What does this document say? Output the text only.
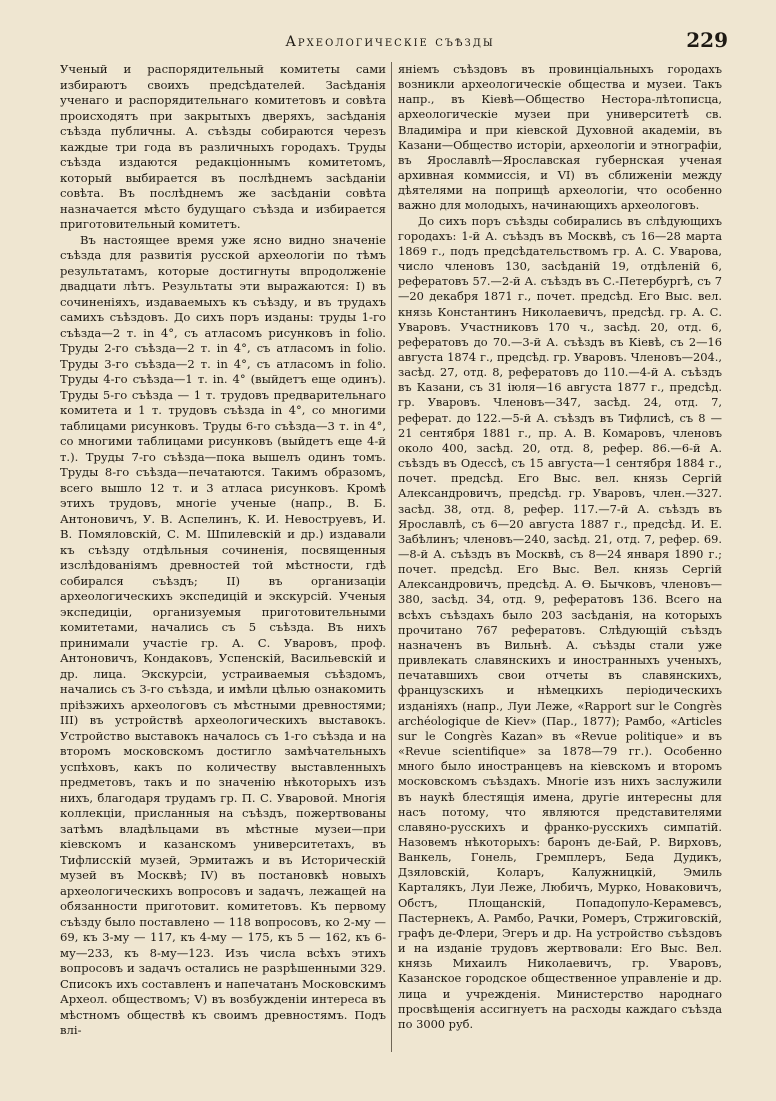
Археологическіе съѣзды	229

Ученый и распорядительный комитеты сами избираютъ своихъ предсѣдателей. Засѣданія ученаго и распорядительнаго комитетовъ и совѣта происходятъ при закрытыхъ дверяхъ, засѣданія съѣзда публичны. А. съѣзды собираются черезъ каждые три года въ различныхъ городахъ. Труды съѣзда издаются редакціоннымъ комитетомъ, который выбирается въ послѣднемъ засѣданіи совѣта. Въ послѣднемъ же засѣданіи совѣта назначается мѣсто будущаго съѣзда и избирается приготовительный комитетъ.

Въ настоящее время уже ясно видно значеніе съѣзда для развитія русской археологіи по тѣмъ результатамъ, которые достигнуты впродолженіе двадцати лѣтъ. Результаты эти выражаются: I) въ сочиненіяхъ, издаваемыхъ къ съѣзду, и въ трудахъ самихъ съѣздовъ. До сихъ поръ изданы: труды 1-го съѣзда—2 т. in 4°, съ атласомъ рисунковъ in folio. Труды 2-го съѣзда—2 т. in 4°, съ атласомъ in folio. Труды 3-го съѣзда—2 т. in 4°, съ атласомъ in folio. Труды 4-го съѣзда—1 т. in. 4° (выйдетъ еще одинъ). Труды 5-го съѣзда — 1 т. трудовъ предварительнаго комитета и 1 т. трудовъ съѣзда in 4°, со многими таблицами рисунковъ. Труды 6-го съѣзда—3 т. in 4°, со многими таблицами рисунковъ (выйдетъ еще 4-й т.). Труды 7-го съѣзда—пока вышелъ одинъ томъ. Труды 8-го съѣзда—печатаются. Такимъ образомъ, всего вышло 12 т. и 3 атласа рисунковъ. Кромѣ этихъ трудовъ, многіе ученые (напр., В. Б. Антоновичъ, У. В. Аспелинъ, К. И. Невоструевъ, И. В. Помяловскій, С. М. Шпилевскій и др.) издавали къ съѣзду отдѣльныя сочиненія, посвященныя изслѣдованіямъ древностей той мѣстности, гдѣ собирался съѣздъ; II) въ организаціи археологическихъ экспедицій и экскурсій. Ученыя экспедиціи, организуемыя приготовительными комитетами, начались съ 5 съѣзда. Въ нихъ принимали участіе гр. А. С. Уваровъ, проф. Антоновичъ, Кондаковъ, Успенскій, Васильевскій и др. лица. Экскурсіи, устраиваемыя съѣздомъ, начались съ 3-го съѣзда, и имѣли цѣлью ознакомить пріѣзжихъ археологовъ съ мѣстными древностями; III) въ устройствѣ археологическихъ выставокъ. Устройство выставокъ началось съ 1-го съѣзда и на второмъ московскомъ достигло замѣчательныхъ успѣховъ, какъ по количеству выставленныхъ предметовъ, такъ и по значенію нѣкоторыхъ изъ нихъ, благодаря трудамъ гр. П. С. Уваровой. Многія коллекціи, присланныя на съѣздъ, пожертвованы затѣмъ владѣльцами въ мѣстные музеи—при кіевскомъ и казанскомъ университетахъ, въ Тифлисскій музей, Эрмитажъ и въ Историческій музей въ Москвѣ; IV) въ постановкѣ новыхъ археологическихъ вопросовъ и задачъ, лежащей на обязанности приготовит. комитетовъ. Къ первому съѣзду было поставлено — 118 вопросовъ, ко 2-му — 69, къ 3-му — 117, къ 4-му — 175, къ 5 — 162, къ 6-му—233, къ 8-му—123. Изъ числа всѣхъ этихъ вопросовъ и задачъ остались не разрѣшенными 329. Списокъ ихъ составленъ и напечатанъ Московскимъ Археол. обществомъ; V) въ возбужденіи интереса въ мѣстномъ обществѣ къ своимъ древностямъ. Подъ влі-

яніемъ съѣздовъ въ провинціальныхъ городахъ возникли археологическіе общества и музеи. Такъ напр., въ Кіевѣ—Общество Нестора-лѣтописца, археологическіе музеи при университетѣ св. Владиміра и при кіевской Духовной академіи, въ Казани—Общество исторіи, археологіи и этнографіи, въ Ярославлѣ—Ярославская губернская ученая архивная коммиссія, и VI) въ сближеніи между дѣятелями на поприщѣ археологіи, что особенно важно для молодыхъ, начинающихъ археологовъ.

До сихъ поръ съѣзды собирались въ слѣдующихъ городахъ: 1-й А. съѣздъ въ Москвѣ, съ 16—28 марта 1869 г., подъ предсѣдательствомъ гр. А. С. Уварова, число членовъ 130, засѣданій 19, отдѣленій 6, рефератовъ 57.—2-й А. съѣздъ въ С.-Петербургѣ, съ 7—20 декабря 1871 г., почет. предсѣд. Его Выс. вел. князь Константинъ Николаевичъ, предсѣд. гр. А. С. Уваровъ. Участниковъ 170 ч., засѣд. 20, отд. 6, рефератовъ до 70.—3-й А. съѣздъ въ Кіевѣ, съ 2—16 августа 1874 г., предсѣд. гр. Уваровъ. Членовъ—204., засѣд. 27, отд. 8, рефератовъ до 110.—4-й А. съѣздъ въ Казани, съ 31 іюля—16 августа 1877 г., предсѣд. гр. Уваровъ. Членовъ—347, засѣд. 24, отд. 7, реферат. до 122.—5-й А. съѣздъ въ Тифлисѣ, съ 8 — 21 сентября 1881 г., пр. А. В. Комаровъ, членовъ около 400, засѣд. 20, отд. 8, рефер. 86.—6-й А. съѣздъ въ Одессѣ, съ 15 августа—1 сентября 1884 г., почет. предсѣд. Его Выс. вел. князь Сергій Александровичъ, предсѣд. гр. Уваровъ, член.—327. засѣд. 38, отд. 8, рефер. 117.—7-й А. съѣздъ въ Ярославлѣ, съ 6—20 августа 1887 г., предсѣд. И. Е. Забѣлинъ; членовъ—240, засѣд. 21, отд. 7, рефер. 69.—8-й А. съѣздъ въ Москвѣ, съ 8—24 января 1890 г.; почет. предсѣд. Его Выс. Вел. князь Сергій Александровичъ, предсѣд. А. Ѳ. Бычковъ, членовъ—380, засѣд. 34, отд. 9, рефератовъ 136. Всего на всѣхъ съѣздахъ было 203 засѣданія, на которыхъ прочитано 767 рефератовъ. Слѣдующій съѣздъ назначенъ въ Вильнѣ. А. съѣзды стали уже привлекать славянскихъ и иностранныхъ ученыхъ, печатавшихъ свои отчеты въ славянскихъ, французскихъ и нѣмецкихъ періодическихъ изданіяхъ (напр., Луи Леже, «Rapport sur le Congrès archéologique de Kiev» (Пар., 1877); Рамбо, «Articles sur le Congrès Kazan» въ «Revue politique» и въ «Revue scientifique» за 1878—79 гг.). Особенно много было иностранцевъ на кіевскомъ и второмъ московскомъ съѣздахъ. Многіе изъ нихъ заслужили въ наукѣ блестящія имена, другіе интересны для насъ потому, что являются представителями славяно-русскихъ и франко-русскихъ симпатій. Назовемъ нѣкоторыхъ: баронъ де-Бай, Р. Вирховъ, Ванкель, Гонель, Гремплеръ, Беда Дудикъ, Дзяловскій, Коларъ, Калужницкій, Эмиль Карталякъ, Луи Леже, Любичъ, Мурко, Новаковичъ, Обстъ, Площанскій, Попадопуло-Керамевсъ, Пастернекъ, А. Рамбо, Рачки, Ромеръ, Стржиговскій, графъ де-Флери, Эгеръ и др. На устройство съѣздовъ и на изданіе трудовъ жертвовали: Его Выс. Вел. князь Михаилъ Николаевичъ, гр. Уваровъ, Казанское городское общественное управленіе и др. лица и учрежденія. Министерство народнаго просвѣщенія ассигнуетъ на расходы каждаго съѣзда по 3000 руб.
